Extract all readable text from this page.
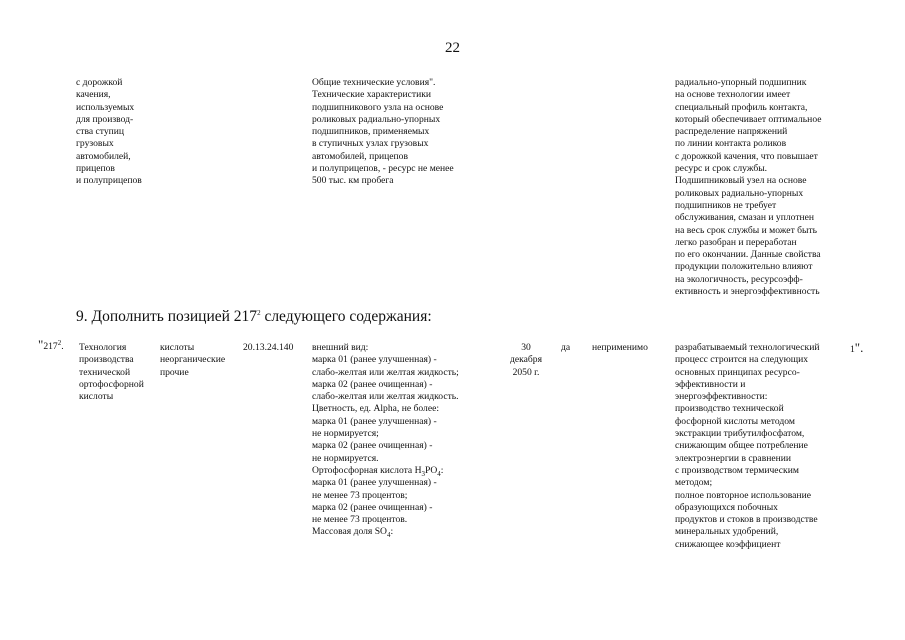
22
с дорожкой
качения,
используемых
для производ-
ства ступиц
грузовых
автомобилей,
прицепов
и полуприцепов
Общие технические условия".
Технические характеристики
подшипникового узла на основе
роликовых радиально-упорных
подшипников, применяемых
в ступичных узлах грузовых
автомобилей, прицепов
и полуприцепов, - ресурс не менее
500 тыс. км пробега
радиально-упорный подшипник
на основе технологии имеет
специальный профиль контакта,
который обеспечивает оптимальное
распределение напряжений
по линии контакта роликов
с дорожкой качения, что повышает
ресурс и срок службы.
Подшипниковый узел на основе
роликовых радиально-упорных
подшипников не требует
обслуживания, смазан и уплотнен
на весь срок службы и может быть
легко разобран и переработан
по его окончании. Данные свойства
продукции положительно влияют
на экологичность, ресурсоэфф-
ективность и энергоэффективность
9. Дополнить позицией $217^2$ следующего содержания:
"$217^2$. Технология
производства
технической
ортофосфорной
кислоты
кислоты
неорганические
прочие
20.13.24.140 внешний вид:
марка 01 (ранее улучшенная) -
слабо-желтая или желтая жидкость;
марка 02 (ранее очищенная) -
слабо-желтая или желтая жидкость.
Цветность, ед. Alpha, не более:
марка 01 (ранее улучшенная) -
не нормируется;
марка 02 (ранее очищенная) -
не нормируется.
Ортофосфорная кислота $H_3PO_4$:
марка 01 (ранее улучшенная) -
не менее 73 процентов;
марка 02 (ранее очищенная) -
не менее 73 процентов.
Массовая доля $SO_4$:
30
декабря
2050 г.
да неприменимо	разрабатываемый технологический
процесс строится на следующих
основных принципах ресурсо-
эффективности и
энергоэффективности:
производство технической
фосфорной кислоты методом
экстракции трибутилфосфатом,
снижающим общее потребление
электроэнергии в сравнении
с производством термическим
методом;
полное повторное использование
образующихся побочных
продуктов и стоков в производстве
минеральных удобрений,
снижающее коэффициент
1".
